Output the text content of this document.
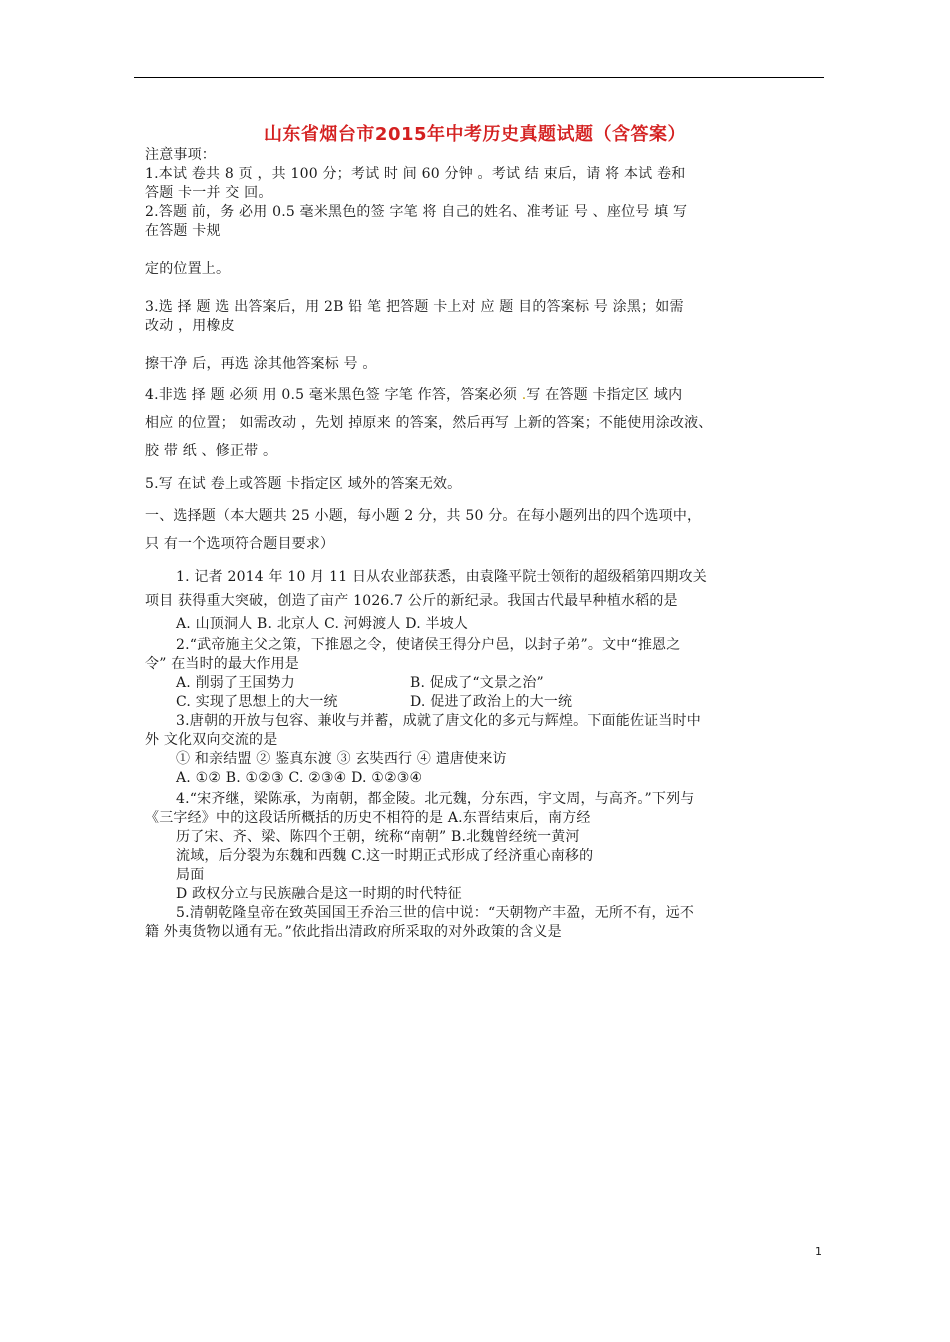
山东省烟台市2015年中考历史真题试题（含答案）
注意事项：
1.本试 卷共 8 页 ，共 100 分；考试 时 间 60 分钟 。考试 结 束后，请 将 本试 卷和
答题 卡一并 交 回。
2.答题 前，务 必用 0.5 毫米黑色的签 字笔 将 自己的姓名、准考证 号 、座位号 填 写
在答题 卡规
定的位置上。
3.选 择 题 选 出答案后，用 2B 铅 笔 把答题 卡上对 应 题 目的答案标 号 涂黑；如需
改动 ，用橡皮
擦干净 后，再选 涂其他答案标 号 。
4.非选 择 题 必须 用 0.5 毫米黑色签 字笔 作答，答案必须 .写 在答题 卡指定区 域内
相应 的位置； 如需改动 ，先划 掉原来 的答案，然后再写 上新的答案；不能使用涂改液、
胶 带 纸 、修正带 。
5.写 在试 卷上或答题 卡指定区 域外的答案无效。
一、选择题（本大题共 25 小题，每小题 2 分，共 50 分。在每小题列出的四个选项中，
只 有一个选项符合题目要求）
1. 记者 2014 年 10 月 11 日从农业部获悉，由袁隆平院士领衔的超级稻第四期攻关
项目 获得重大突破，创造了亩产 1026.7 公斤的新纪录。我国古代最早种植水稻的是
A. 山顶洞人 B. 北京人 C. 河姆渡人 D. 半坡人
2.“武帝施主父之策，下推恩之令，使诸侯王得分户邑，以封子弟”。文中“推恩之
令” 在当时的最大作用是
A. 削弱了王国势力	B. 促成了“文景之治”
C. 实现了思想上的大一统	D. 促进了政治上的大一统
3.唐朝的开放与包容、兼收与并蓄，成就了唐文化的多元与辉煌。下面能佐证当时中
外 文化双向交流的是
① 和亲结盟 ② 鉴真东渡 ③ 玄奘西行 ④ 遣唐使来访
A. ①② B. ①②③ C. ②③④ D. ①②③④
4.“宋齐继，梁陈承，为南朝，都金陵。北元魏，分东西，宇文周，与高齐。”下列与
《三字经》中的这段话所概括的历史不相符的是 A.东晋结束后，南方经
历了宋、齐、梁、陈四个王朝，统称“南朝” B.北魏曾经统一黄河
流域，后分裂为东魏和西魏 C.这一时期正式形成了经济重心南移的
局面
D 政权分立与民族融合是这一时期的时代特征
5.清朝乾隆皇帝在致英国国王乔治三世的信中说：“天朝物产丰盈，无所不有，远不
籍 外夷货物以通有无。”依此指出清政府所采取的对外政策的含义是
1
